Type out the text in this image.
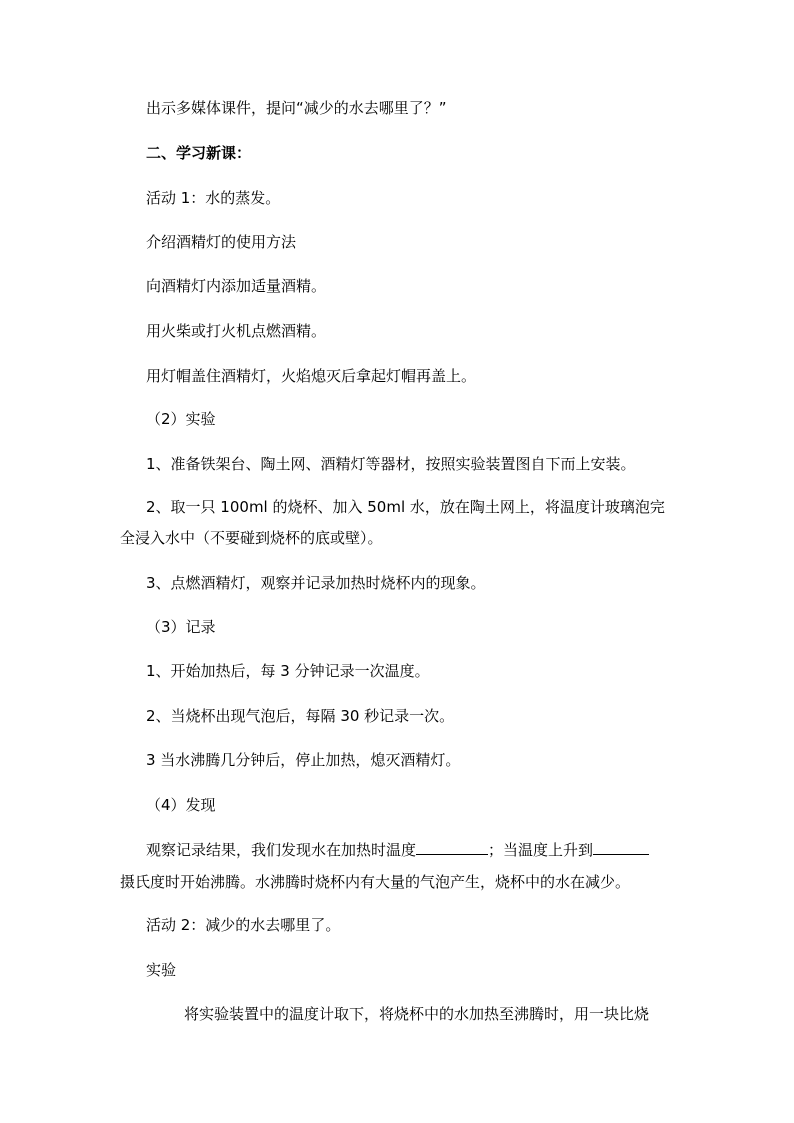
出示多媒体课件，提问“减少的水去哪里了？”
二、学习新课：
活动 1：水的蒸发。
介绍酒精灯的使用方法
向酒精灯内添加适量酒精。
用火柴或打火机点燃酒精。
用灯帽盖住酒精灯，火焰熄灭后拿起灯帽再盖上。
（2）实验
1、准备铁架台、陶土网、酒精灯等器材，按照实验装置图自下而上安装。
2、取一只 100ml 的烧杯、加入 50ml 水，放在陶土网上，将温度计玻璃泡完
全浸入水中（不要碰到烧杯的底或壁）。
3、点燃酒精灯，观察并记录加热时烧杯内的现象。
（3）记录
1、开始加热后，每 3 分钟记录一次温度。
2、当烧杯出现气泡后，每隔 30 秒记录一次。
3 当水沸腾几分钟后，停止加热，熄灭酒精灯。
（4）发现
观察记录结果，我们发现水在加热时温度	；当温度上升到
摄氏度时开始沸腾。水沸腾时烧杯内有大量的气泡产生，烧杯中的水在减少。
活动 2：减少的水去哪里了。
实验
将实验装置中的温度计取下，将烧杯中的水加热至沸腾时，用一块比烧
